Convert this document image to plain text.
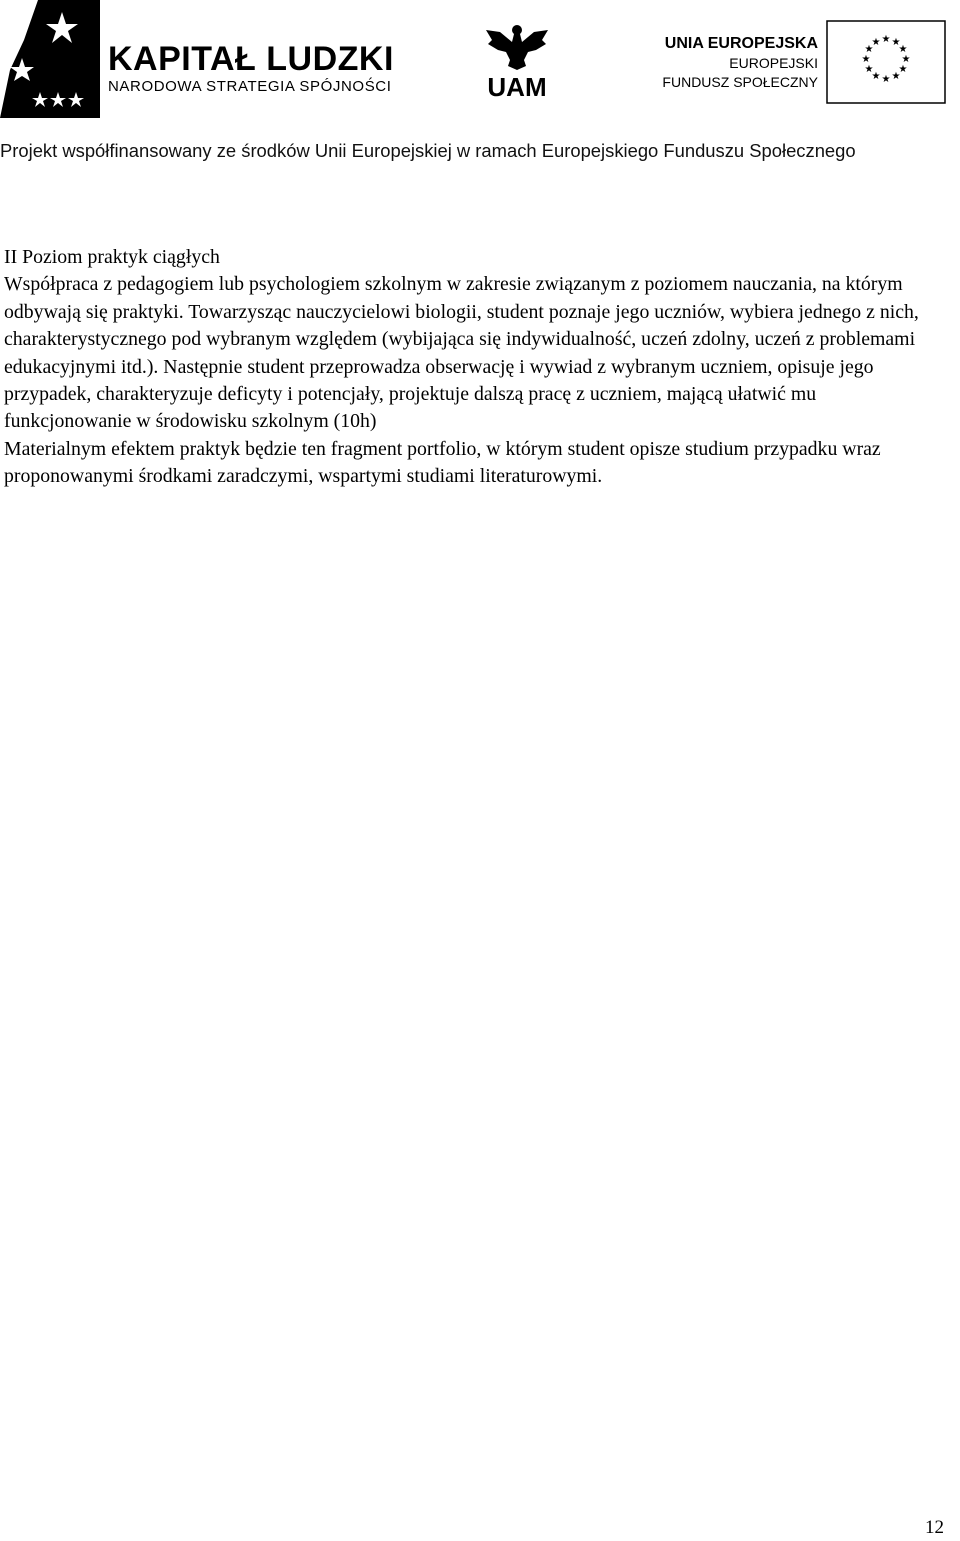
KAPITAŁ LUDZKI
NARODOWA STRATEGIA SPÓJNOŚCI	UAM
UNIA EUROPEJSKA
EUROPEJSKI
FUNDUSZ SPOŁECZNY
★ ★
★
★
★
★
★
★
★
★
★
★
Projekt współfinansowany ze środków Unii Europejskiej w ramach Europejskiego Funduszu Społecznego

II Poziom praktyk ciągłych

Współpraca z pedagogiem lub psychologiem szkolnym w zakresie związanym z poziomem nauczania, na którym odbywają się praktyki. Towarzysząc nauczycielowi biologii, student poznaje jego uczniów, wybiera jednego z nich, charakterystycznego pod wybranym względem (wybijająca się indywidualność, uczeń zdolny, uczeń z problemami edukacyjnymi itd.). Następnie student przeprowadza obserwację i wywiad z wybranym uczniem, opisuje jego przypadek, charakteryzuje deficyty i potencjały, projektuje dalszą pracę z uczniem, mającą ułatwić mu funkcjonowanie w środowisku szkolnym (10h)

Materialnym efektem praktyk będzie ten fragment portfolio, w którym student opisze studium przypadku wraz proponowanymi środkami zaradczymi, wspartymi studiami literaturowymi.

12
